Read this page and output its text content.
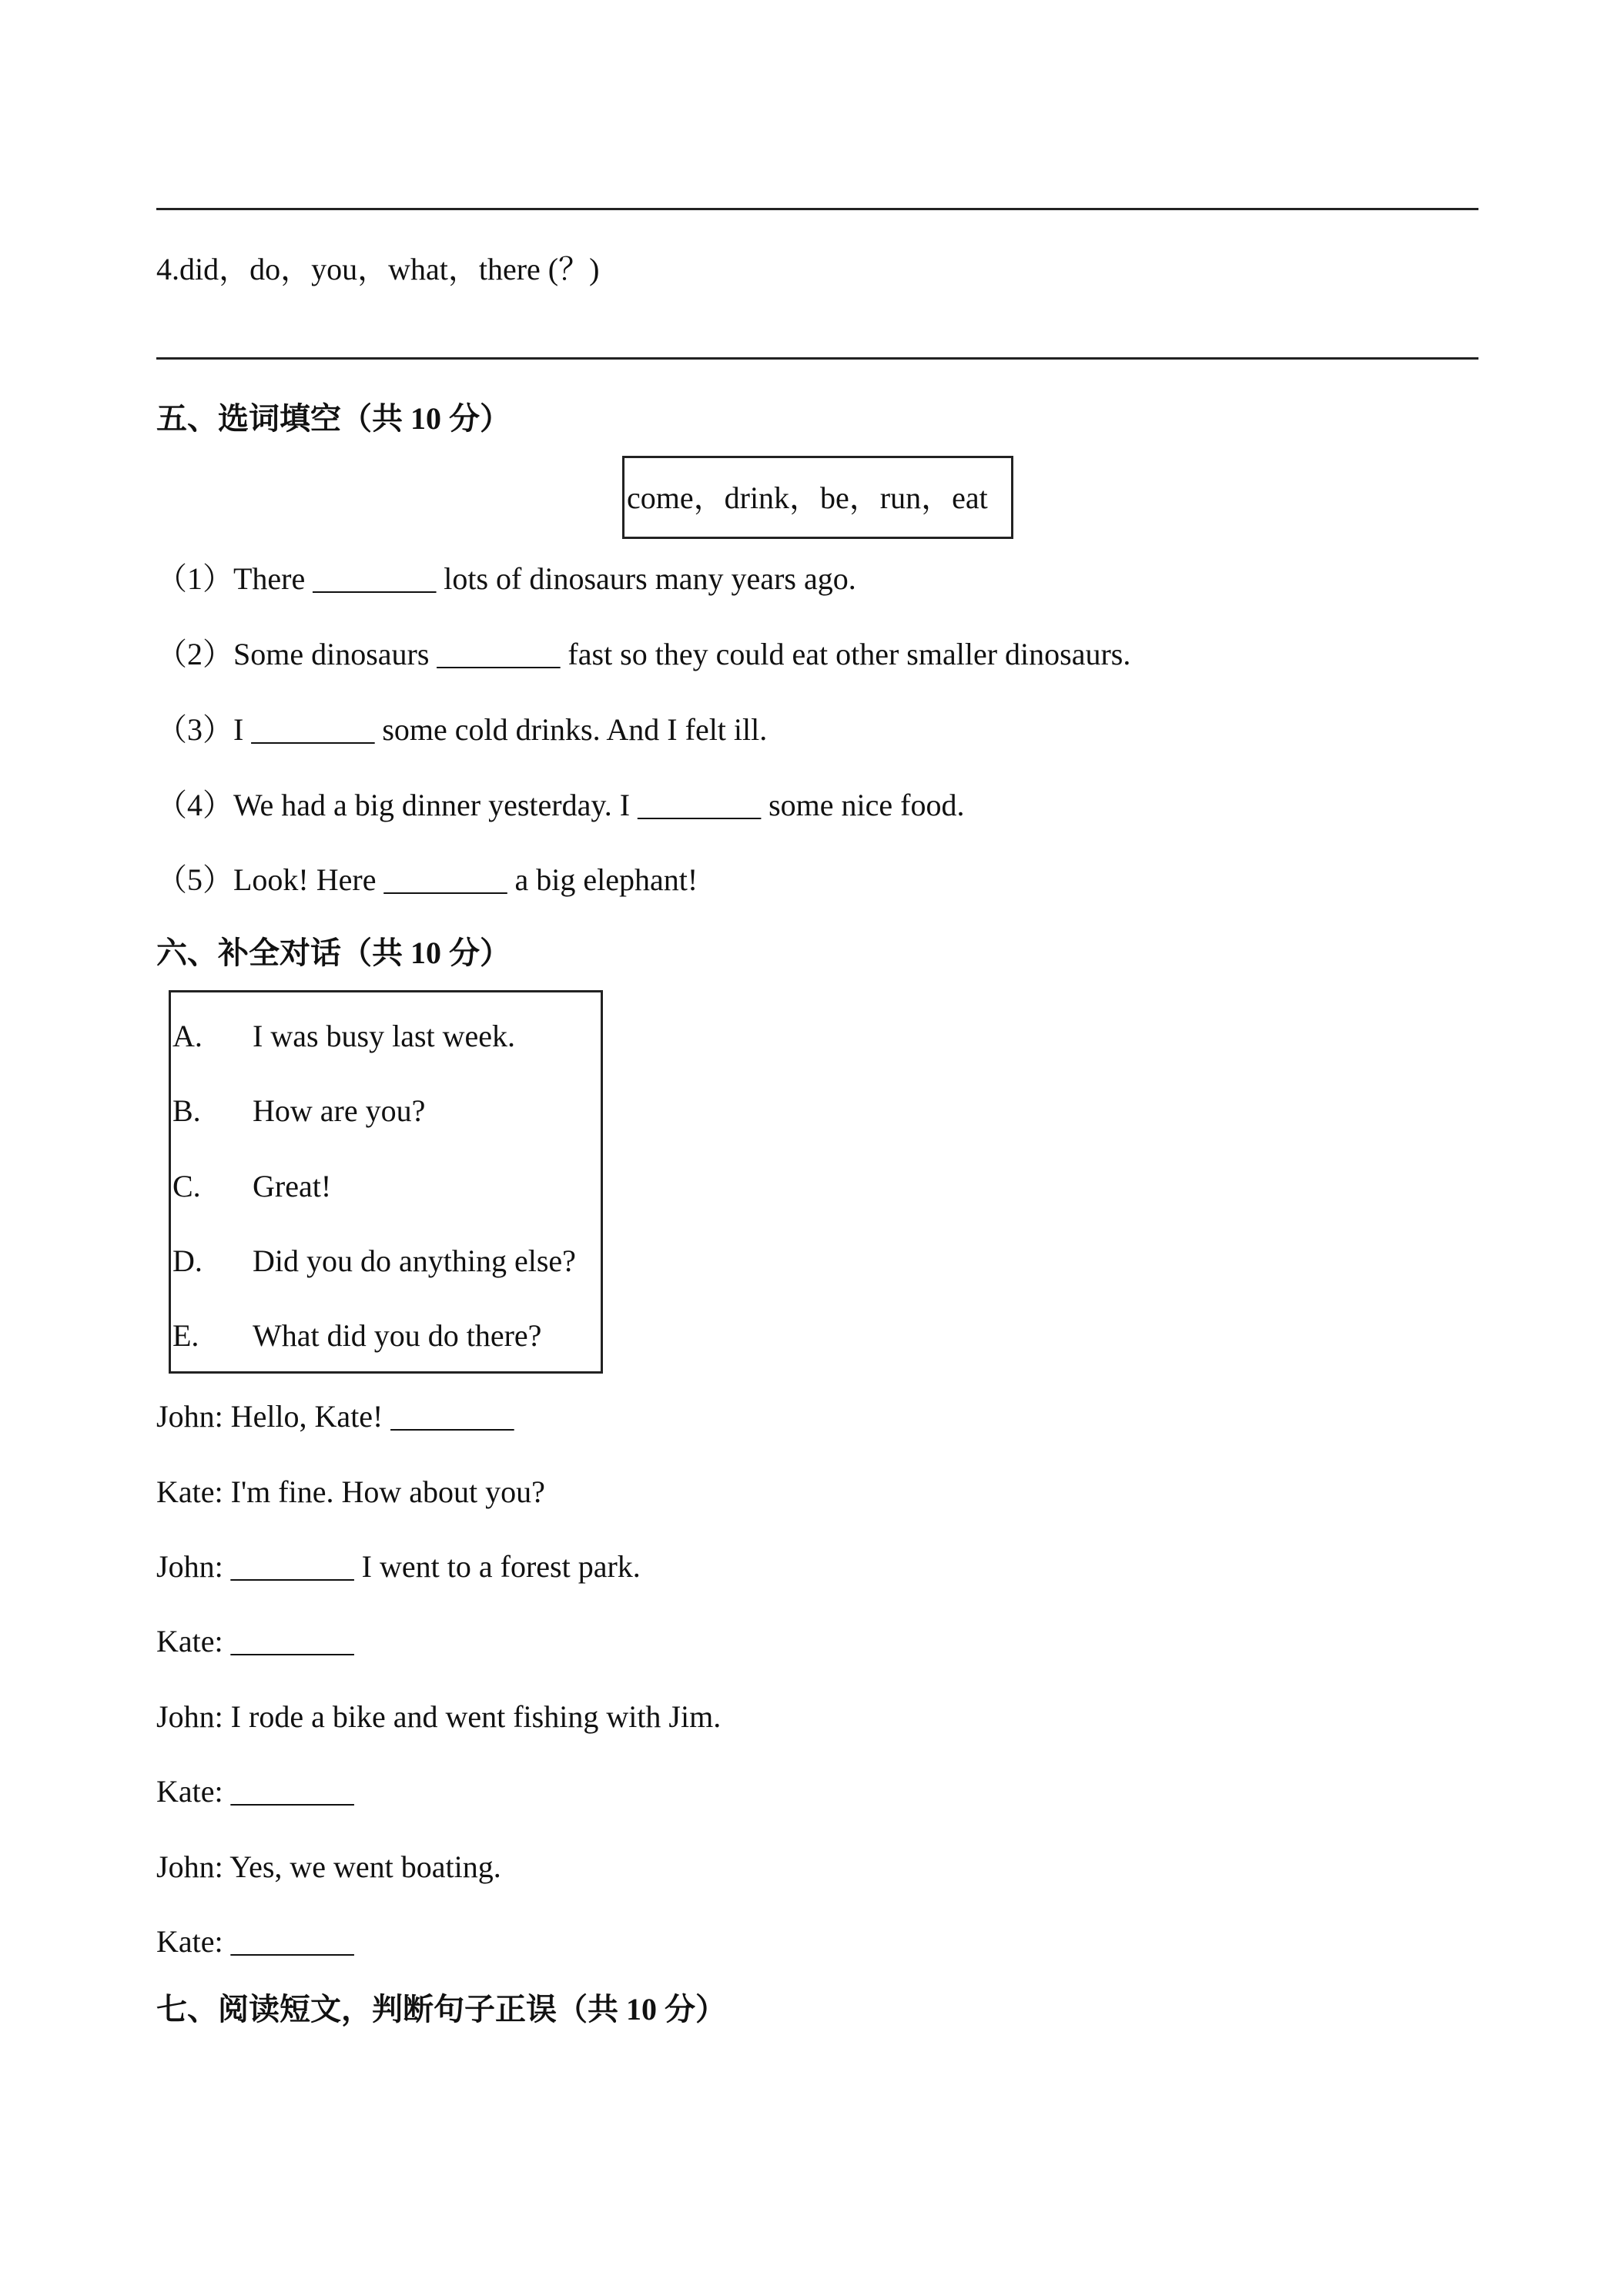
4.did，do，you，what，there (？)
五、选词填空（共 10 分）
come，drink，be，run，eat
（1）There ________ lots of dinosaurs many years ago.
（2）Some dinosaurs ________ fast so they could eat other smaller dinosaurs.
（3）I ________ some cold drinks. And I felt ill.
（4）We had a big dinner yesterday. I ________ some nice food.
（5）Look! Here ________ a big elephant!
六、补全对话（共 10 分）
A. I was busy last week.
B. How are you?
C. Great!
D. Did you do anything else?
E. What did you do there?
John: Hello, Kate! ________
Kate: I'm fine. How about you?
John: ________ I went to a forest park.
Kate: ________
John: I rode a bike and went fishing with Jim.
Kate: ________
John: Yes, we went boating.
Kate: ________
七、阅读短文，判断句子正误（共 10 分）
